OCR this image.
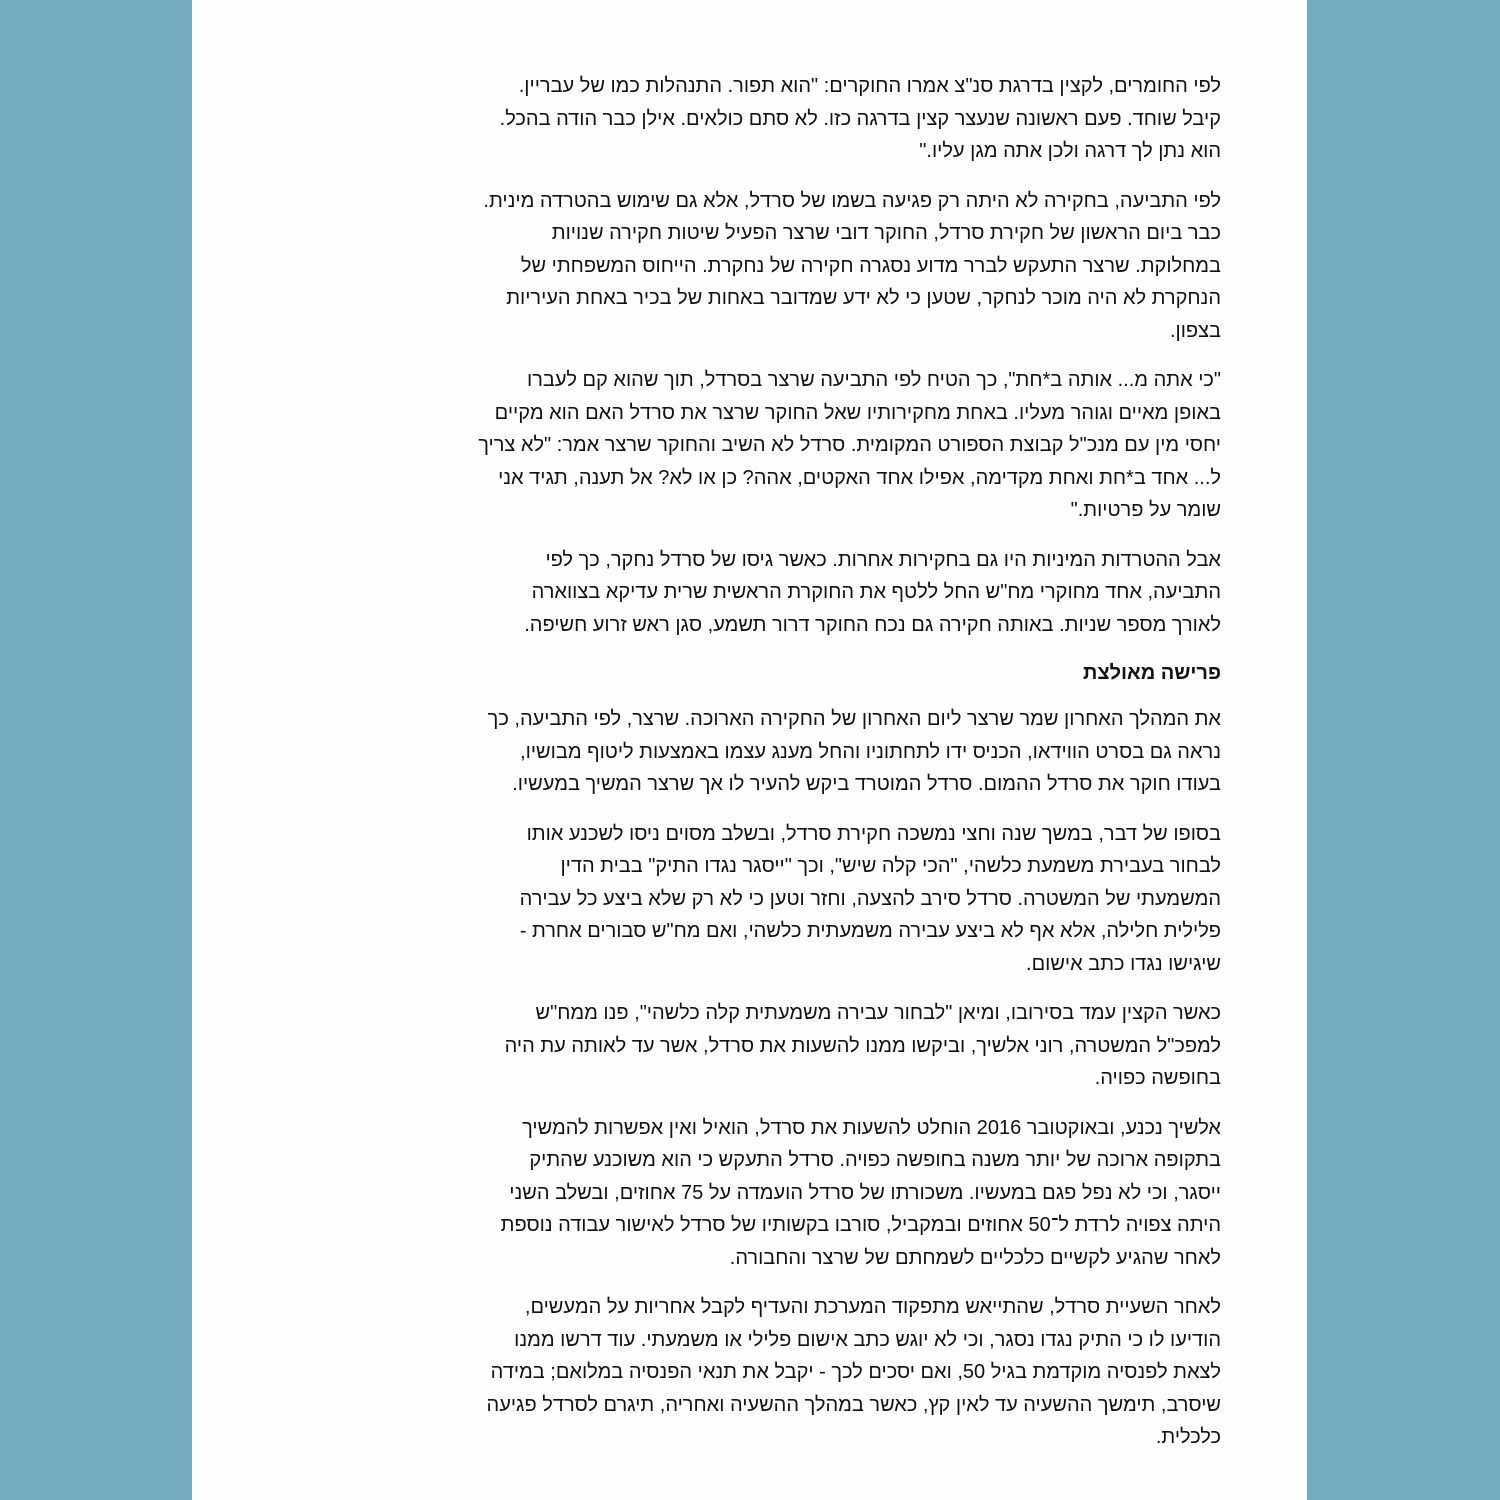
לפי החומרים, לקצין בדרגת סנ"צ אמרו החוקרים: "הוא תפור. התנהלות כמו של עבריין.
קיבל שוחד. פעם ראשונה שנעצר קצין בדרגה כזו. לא סתם כולאים. אילן כבר הודה בהכל.
הוא נתן לך דרגה ולכן אתה מגן עליו."

לפי התביעה, בחקירה לא היתה רק פגיעה בשמו של סרדל, אלא גם שימוש בהטרדה מינית.
כבר ביום הראשון של חקירת סרדל, החוקר דובי שרצר הפעיל שיטות חקירה שנויות
במחלוקת. שרצר התעקש לברר מדוע נסגרה חקירה של נחקרת. הייחוס המשפחתי של
הנחקרת לא היה מוכר לנחקר, שטען כי לא ידע שמדובר באחות של בכיר באחת העיריות
בצפון.

"כי אתה מ... אותה ב*חת", כך הטיח לפי התביעה שרצר בסרדל, תוך שהוא קם לעברו
באופן מאיים וגוהר מעליו. באחת מחקירותיו שאל החוקר שרצר את סרדל האם הוא מקיים
יחסי מין עם מנכ"ל קבוצת הספורט המקומית. סרדל לא השיב והחוקר שרצר אמר: "לא צריך
ל... אחד ב*חת ואחת מקדימה, אפילו אחד האקטים, אהה? כן או לא? אל תענה, תגיד אני
שומר על פרטיות."

אבל ההטרדות המיניות היו גם בחקירות אחרות. כאשר גיסו של סרדל נחקר, כך לפי
התביעה, אחד מחוקרי מח"ש החל ללטף את החוקרת הראשית שרית עדיקא בצווארה
לאורך מספר שניות. באותה חקירה גם נכח החוקר דרור תשמע, סגן ראש זרוע חשיפה.

פרישה מאולצת

את המהלך האחרון שמר שרצר ליום האחרון של החקירה הארוכה. שרצר, לפי התביעה, כך
נראה גם בסרט הווידאו, הכניס ידו לתחתוניו והחל מענג עצמו באמצעות ליטוף מבושיו,
בעודו חוקר את סרדל ההמום. סרדל המוטרד ביקש להעיר לו אך שרצר המשיך במעשיו.

בסופו של דבר, במשך שנה וחצי נמשכה חקירת סרדל, ובשלב מסוים ניסו לשכנע אותו
לבחור בעבירת משמעת כלשהי, "הכי קלה שיש", וכך "ייסגר נגדו התיק" בבית הדין
המשמעתי של המשטרה. סרדל סירב להצעה, וחזר וטען כי לא רק שלא ביצע כל עבירה
פלילית חלילה, אלא אף לא ביצע עבירה משמעתית כלשהי, ואם מח"ש סבורים אחרת -
שיגישו נגדו כתב אישום.

כאשר הקצין עמד בסירובו, ומיאן "לבחור עבירה משמעתית קלה כלשהי", פנו ממח"ש
למפכ"ל המשטרה, רוני אלשיך, וביקשו ממנו להשעות את סרדל, אשר עד לאותה עת היה
בחופשה כפויה.

אלשיך נכנע, ובאוקטובר 2016 הוחלט להשעות את סרדל, הואיל ואין אפשרות להמשיך
בתקופה ארוכה של יותר משנה בחופשה כפויה. סרדל התעקש כי הוא משוכנע שהתיק
ייסגר, וכי לא נפל פגם במעשיו. משכורתו של סרדל הועמדה על 75 אחוזים, ובשלב השני
היתה צפויה לרדת ל־50 אחוזים ובמקביל, סורבו בקשותיו של סרדל לאישור עבודה נוספת
לאחר שהגיע לקשיים כלכליים לשמחתם של שרצר והחבורה.

לאחר השעיית סרדל, שהתייאש מתפקוד המערכת והעדיף לקבל אחריות על המעשים,
הודיעו לו כי התיק נגדו נסגר, וכי לא יוגש כתב אישום פלילי או משמעתי. עוד דרשו ממנו
לצאת לפנסיה מוקדמת בגיל 50, ואם יסכים לכך - יקבל את תנאי הפנסיה במלואם; במידה
שיסרב, תימשך ההשעיה עד לאין קץ, כאשר במהלך ההשעיה ואחריה, תיגרם לסרדל פגיעה
כלכלית.
